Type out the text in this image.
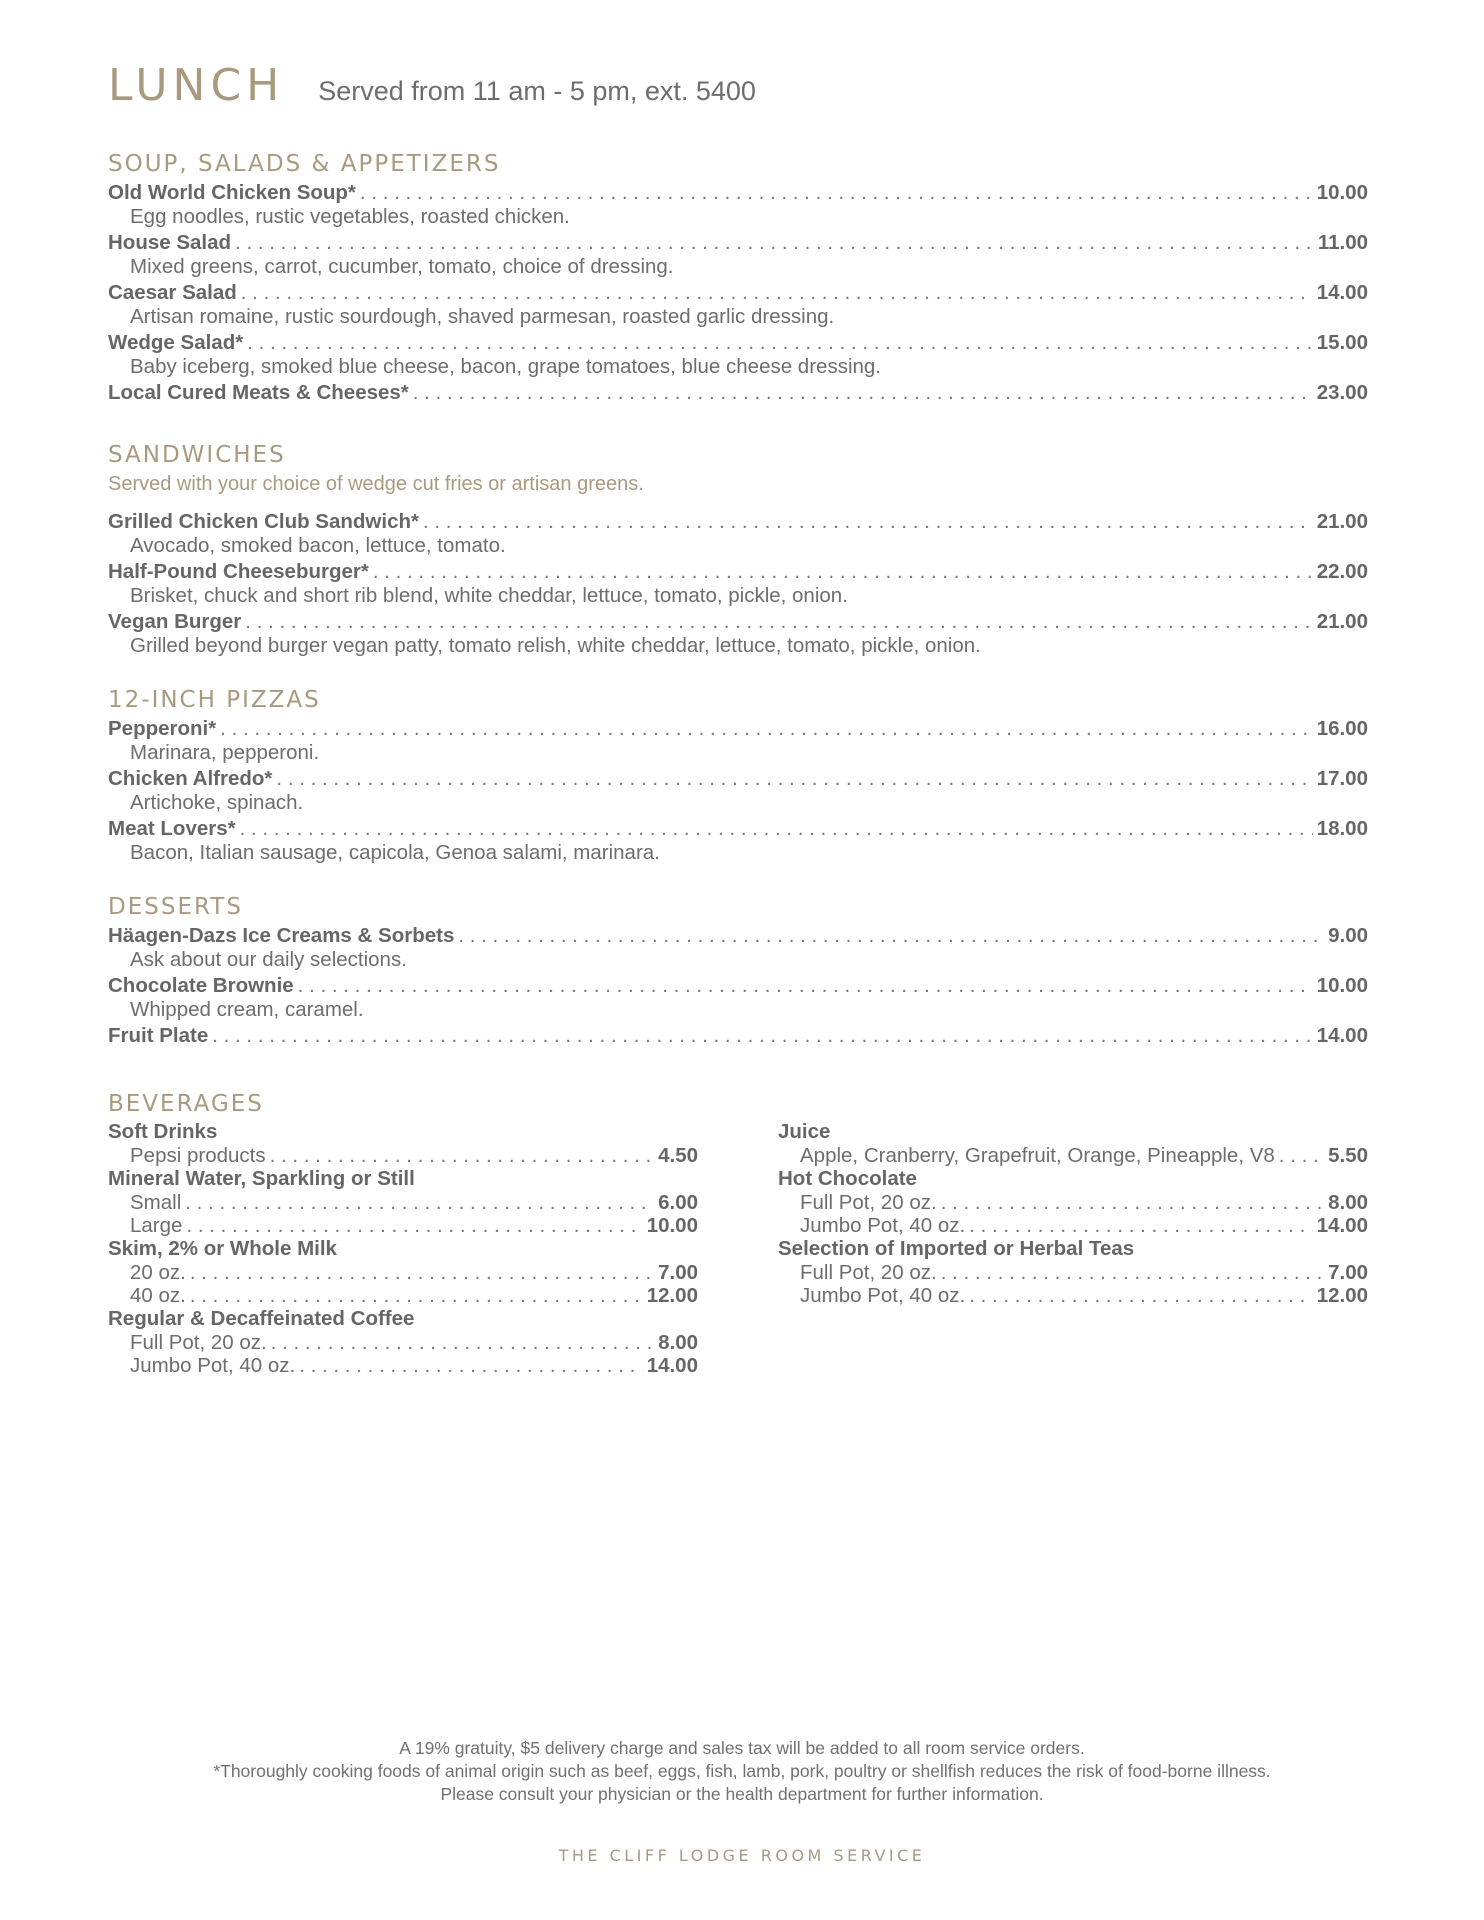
LUNCH Served from 11 am - 5 pm, ext. 5400
SOUP, SALADS & APPETIZERS
Old World Chicken Soup* . . .	10.00
Egg noodles, rustic vegetables, roasted chicken.
House Salad . . .	11.00
Mixed greens, carrot, cucumber, tomato, choice of dressing.
Caesar Salad . . .	14.00
Artisan romaine, rustic sourdough, shaved parmesan, roasted garlic dressing.
Wedge Salad* . . .	15.00
Baby iceberg, smoked blue cheese, bacon, grape tomatoes, blue cheese dressing.
Local Cured Meats & Cheeses* . . .	23.00
SANDWICHES
Served with your choice of wedge cut fries or artisan greens.
Grilled Chicken Club Sandwich* . . .	21.00
Avocado, smoked bacon, lettuce, tomato.
Half-Pound Cheeseburger* . . .	22.00
Brisket, chuck and short rib blend, white cheddar, lettuce, tomato, pickle, onion.
Vegan Burger . . .	21.00
Grilled beyond burger vegan patty, tomato relish, white cheddar, lettuce, tomato, pickle, onion.
12-INCH PIZZAS
Pepperoni* . . .	16.00
Marinara, pepperoni.
Chicken Alfredo* . . .	17.00
Artichoke, spinach.
Meat Lovers* . . .	18.00
Bacon, Italian sausage, capicola, Genoa salami, marinara.
DESSERTS
Häagen-Dazs Ice Creams & Sorbets . . .	9.00
Ask about our daily selections.
Chocolate Brownie . . .	10.00
Whipped cream, caramel.
Fruit Plate . . .	14.00
BEVERAGES
Soft Drinks
Pepsi products . . .	4.50
Mineral Water, Sparkling or Still
Small . . .	6.00
Large . . .	10.00
Skim, 2% or Whole Milk
20 oz. . . .	7.00
40 oz. . . .	12.00
Regular & Decaffeinated Coffee
Full Pot, 20 oz. . . .	8.00
Jumbo Pot, 40 oz. . . .	14.00
Juice
Apple, Cranberry, Grapefruit, Orange, Pineapple, V8 . . .	5.50
Hot Chocolate
Full Pot, 20 oz. . . .	8.00
Jumbo Pot, 40 oz. . . .	14.00
Selection of Imported or Herbal Teas
Full Pot, 20 oz. . . .	7.00
Jumbo Pot, 40 oz. . . .	12.00
A 19% gratuity, $5 delivery charge and sales tax will be added to all room service orders.
*Thoroughly cooking foods of animal origin such as beef, eggs, fish, lamb, pork, poultry or shellfish reduces the risk of food-borne illness.
Please consult your physician or the health department for further information.
THE CLIFF LODGE ROOM SERVICE
